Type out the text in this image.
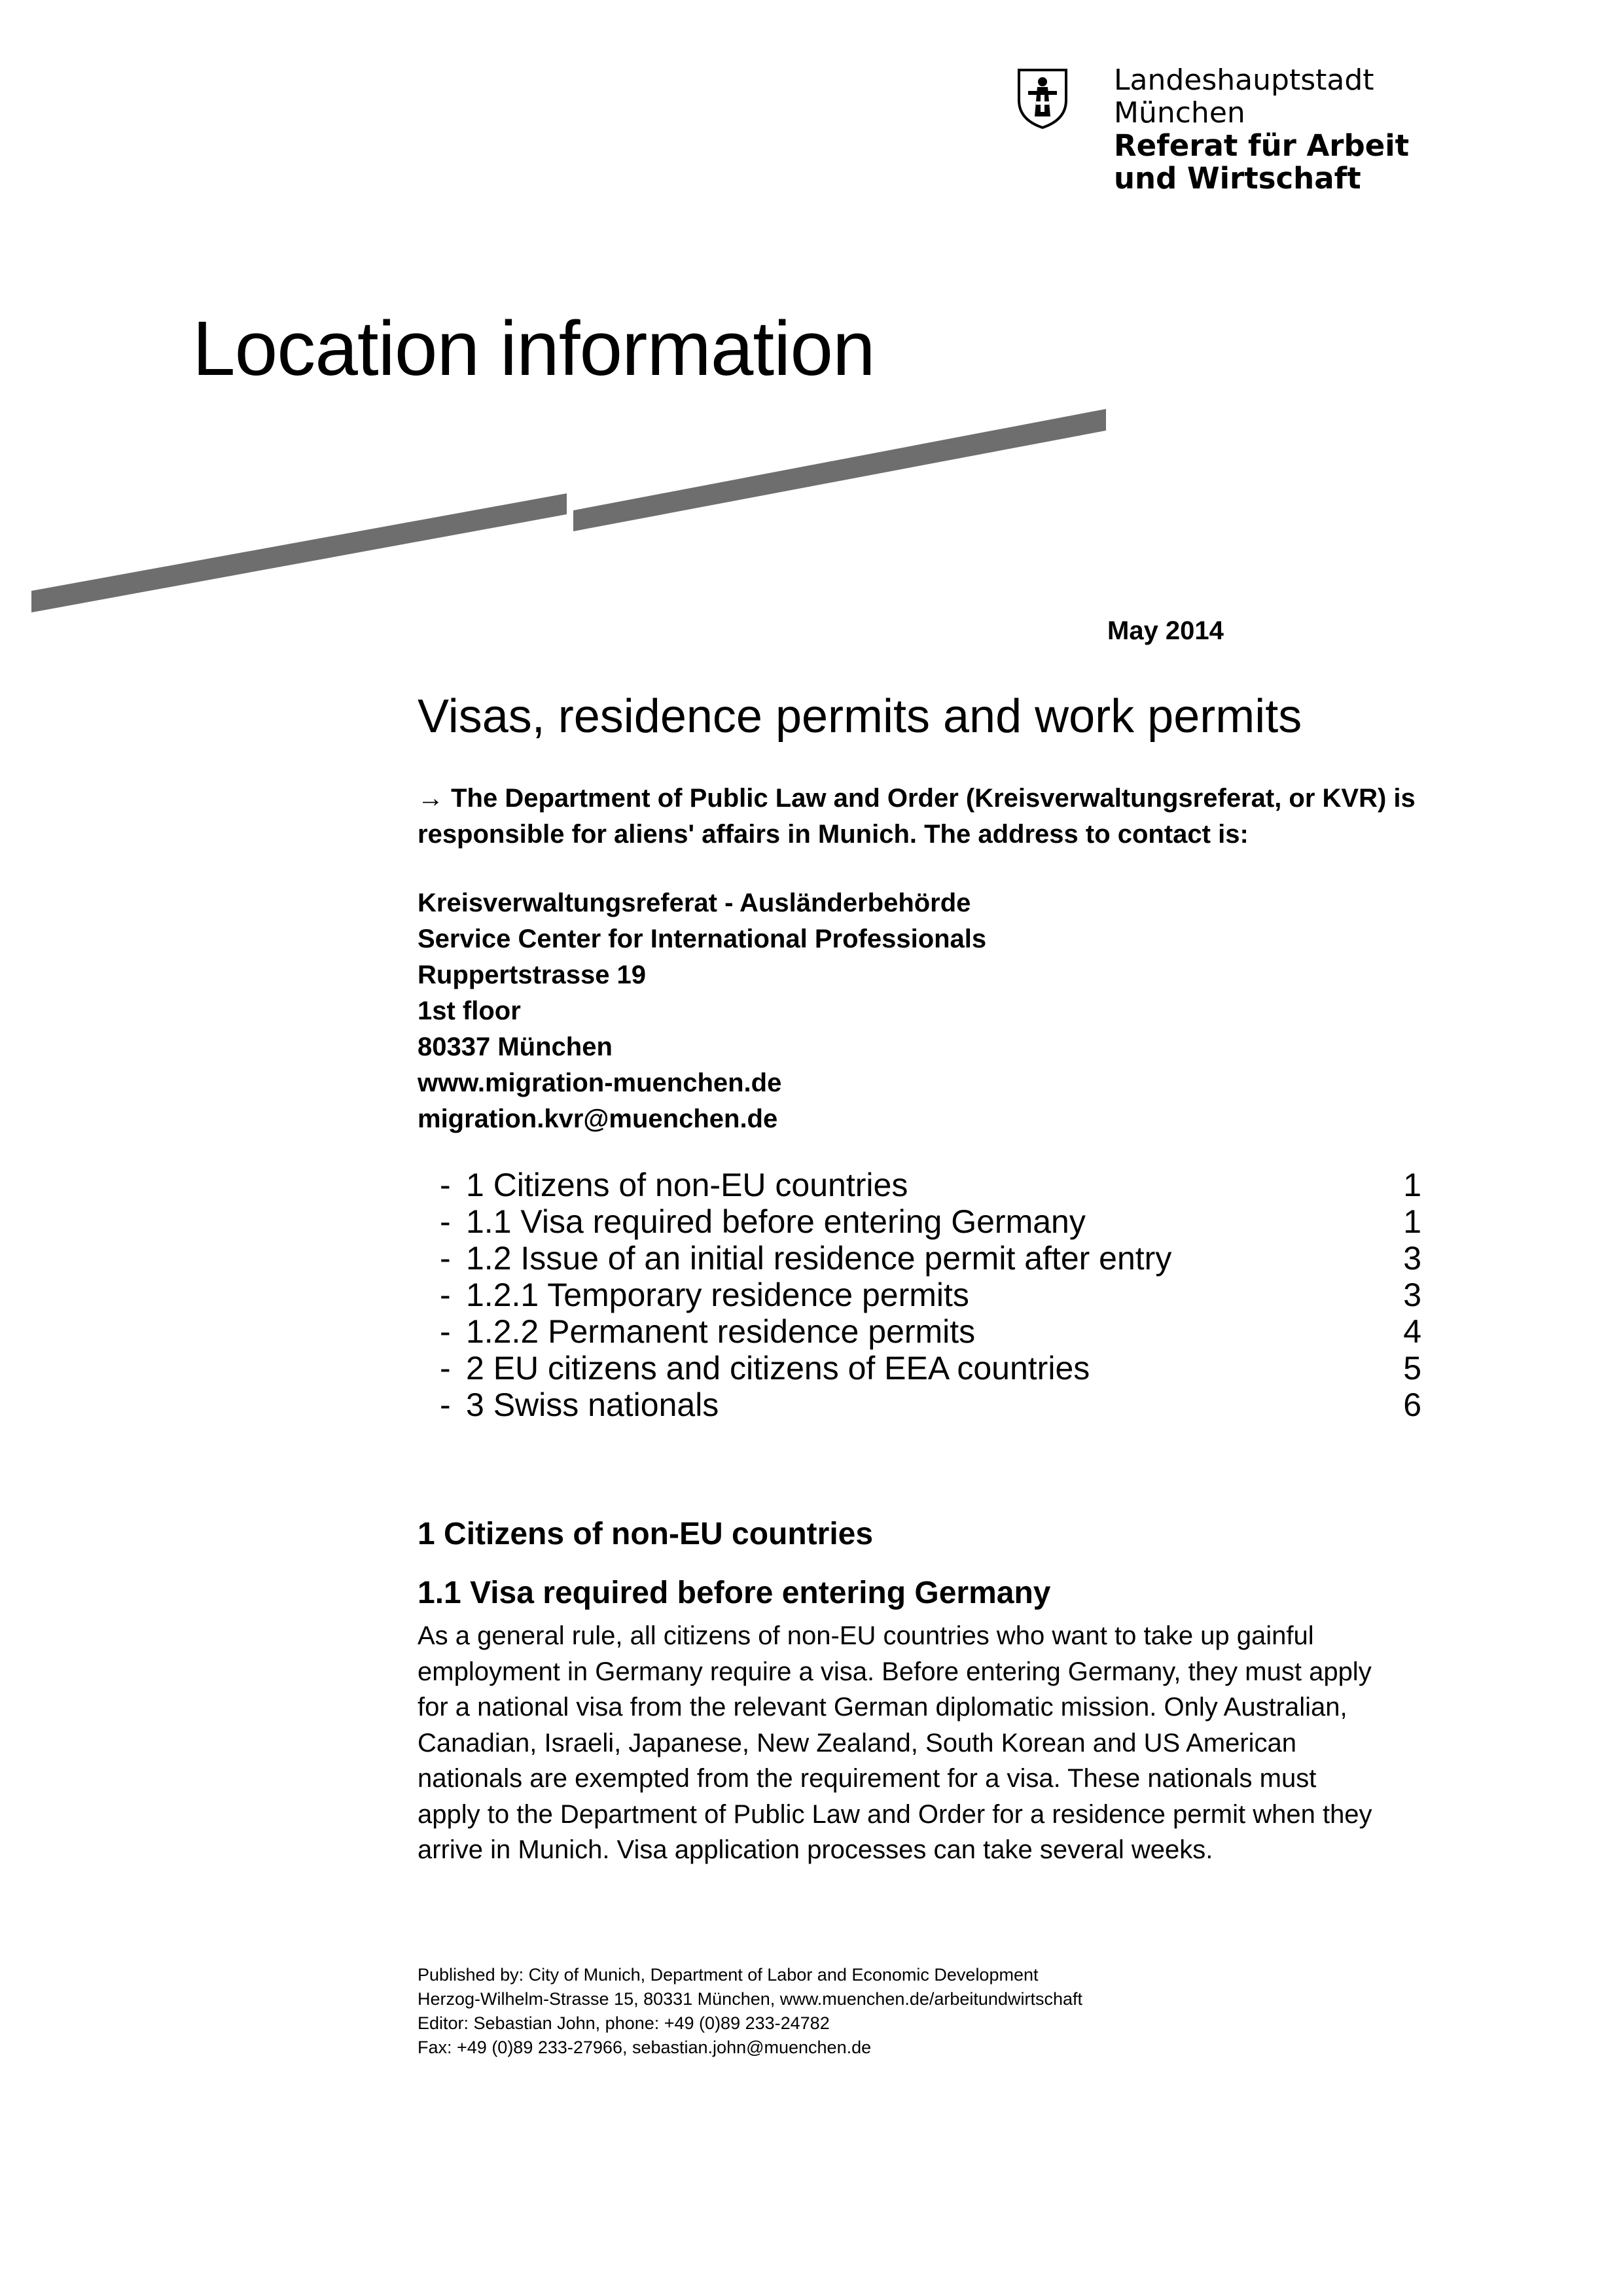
Landeshauptstadt
München
Referat für Arbeit
und Wirtschaft
Location information
May 2014
Visas, residence permits and work permits

→ The Department of Public Law and Order (Kreisverwaltungsreferat, or KVR) is responsible for aliens' affairs in Munich. The address to contact is:

Kreisverwaltungsreferat - Ausländerbehörde
Service Center for International Professionals
Ruppertstrasse 19
1st floor
80337 München
www.migration-muenchen.de
migration.kvr@muenchen.de
- 1 Citizens of non-EU countries	1
- 1.1 Visa required before entering Germany	1
- 1.2 Issue of an initial residence permit after entry	3
- 1.2.1 Temporary residence permits	3
- 1.2.2 Permanent residence permits	4
- 2 EU citizens and citizens of EEA countries	5
- 3 Swiss nationals	6
1 Citizens of non-EU countries
1.1 Visa required before entering Germany
As a general rule, all citizens of non-EU countries who want to take up gainful
employment in Germany require a visa. Before entering Germany, they must apply
for a national visa from the relevant German diplomatic mission. Only Australian,
Canadian, Israeli, Japanese, New Zealand, South Korean and US American
nationals are exempted from the requirement for a visa. These nationals must
apply to the Department of Public Law and Order for a residence permit when they
arrive in Munich. Visa application processes can take several weeks.
Published by: City of Munich, Department of Labor and Economic Development
Herzog-Wilhelm-Strasse 15, 80331 München, www.muenchen.de/arbeitundwirtschaft
Editor: Sebastian John, phone: +49 (0)89 233-24782
Fax: +49 (0)89 233-27966, sebastian.john@muenchen.de
